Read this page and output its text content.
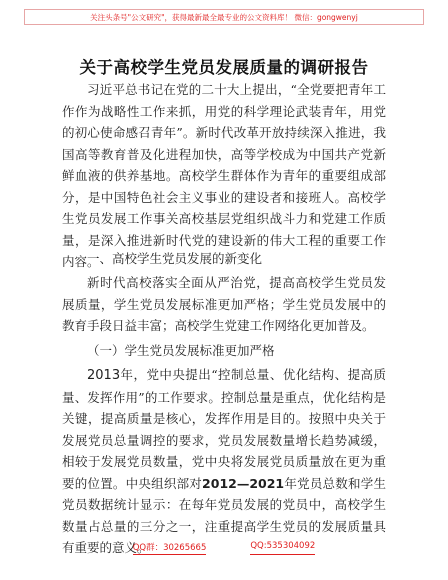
关注头条号"公文研究"，获得最新最全最专业的公文资料库！ 微信：gongwenyj
关于高校学生党员发展质量的调研报告

习近平总书记在党的二十大上提出，“全党要把青年工作作为战略性工作来抓，用党的科学理论武装青年，用党的初心使命感召青年”。新时代改革开放持续深入推进，我国高等教育普及化进程加快，高等学校成为中国共产党新鲜血液的供养基地。高校学生群体作为青年的重要组成部分，是中国特色社会主义事业的建设者和接班人。高校学生党员发展工作事关高校基层党组织战斗力和党建工作质量，是深入推进新时代党的建设新的伟大工程的重要工作内容。

一、高校学生党员发展的新变化

新时代高校落实全面从严治党，提高高校学生党员发展质量，学生党员发展标准更加严格；学生党员发展中的教育手段日益丰富；高校学生党建工作网络化更加普及。

（一）学生党员发展标准更加严格

2013年，党中央提出“控制总量、优化结构、提高质量、发挥作用”的工作要求。控制总量是重点，优化结构是关键，提高质量是核心，发挥作用是目的。按照中央关于发展党员总量调控的要求，党员发展数量增长趋势减缓，相较于发展党员数量，党中央将发展党员质量放在更为重要的位置。中央组织部对2012—2021年党员总数和学生党员数据统计显示：在每年党员发展的党员中，高校学生数量占总量的三分之一，注重提高学生党员的发展质量具有重要的意义。

QQ群：30265665	QQ:535304092
